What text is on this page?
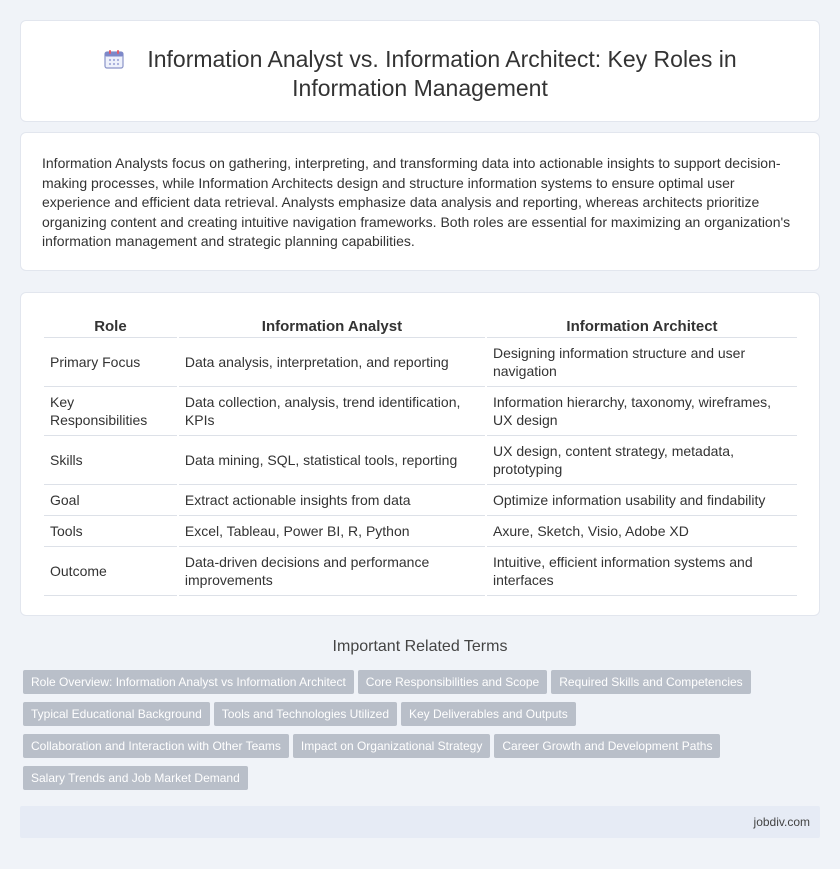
Information Analyst vs. Information Architect: Key Roles in Information Management

Information Analysts focus on gathering, interpreting, and transforming data into actionable insights to support decision-making processes, while Information Architects design and structure information systems to ensure optimal user experience and efficient data retrieval. Analysts emphasize data analysis and reporting, whereas architects prioritize organizing content and creating intuitive navigation frameworks. Both roles are essential for maximizing an organization's information management and strategic planning capabilities.

Role	Information Analyst	Information Architect
Primary Focus	Data analysis, interpretation, and reporting	Designing information structure and user navigation
Key Responsibilities	Data collection, analysis, trend identification, KPIs	Information hierarchy, taxonomy, wireframes, UX design
Skills	Data mining, SQL, statistical tools, reporting	UX design, content strategy, metadata, prototyping
Goal	Extract actionable insights from data	Optimize information usability and findability
Tools	Excel, Tableau, Power BI, R, Python	Axure, Sketch, Visio, Adobe XD
Outcome	Data-driven decisions and performance improvements	Intuitive, efficient information systems and interfaces
Important Related Terms
Role Overview: Information Analyst vs Information Architect Core Responsibilities and Scope Required Skills and Competencies
Typical Educational Background Tools and Technologies Utilized Key Deliverables and Outputs
Collaboration and Interaction with Other Teams Impact on Organizational Strategy Career Growth and Development Paths
Salary Trends and Job Market Demand
jobdiv.com
